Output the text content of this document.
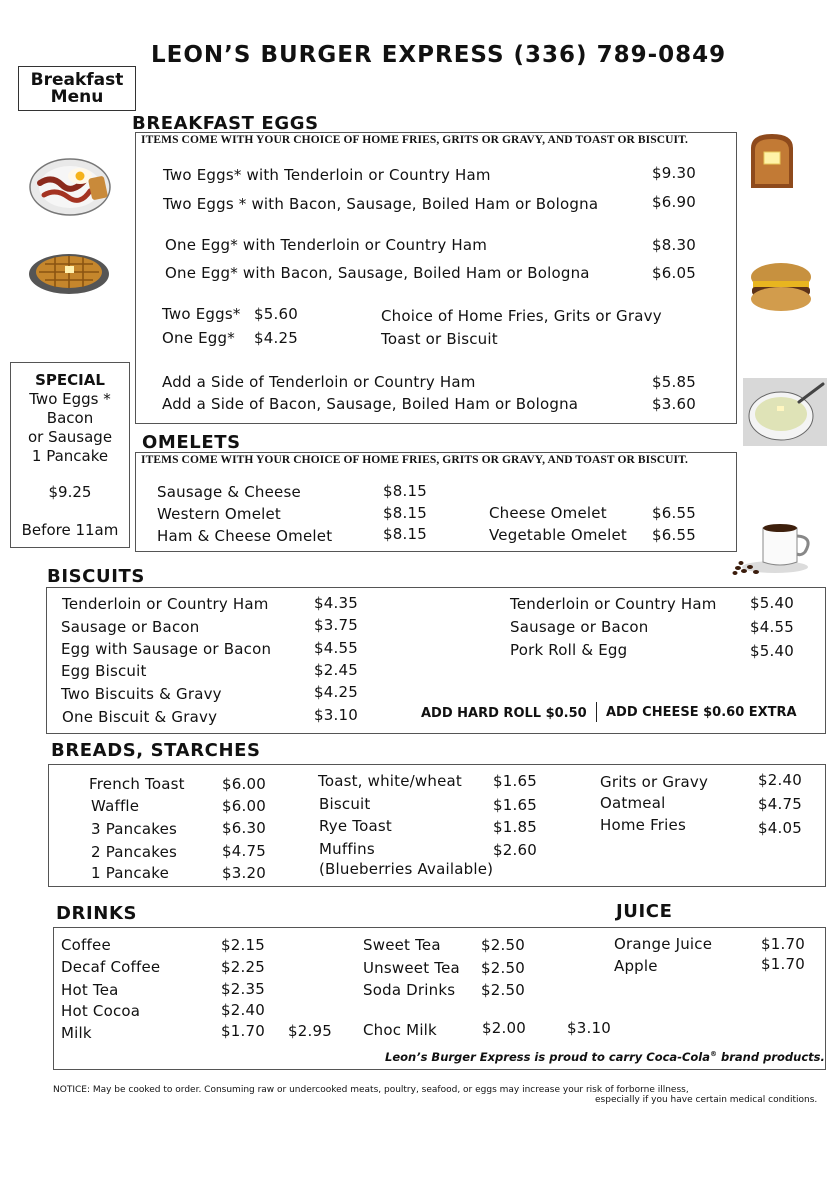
LEON’S BURGER EXPRESS (336) 789-0849
Breakfast
Menu
BREAKFAST EGGS
ITEMS COME WITH YOUR CHOICE OF HOME FRIES, GRITS OR GRAVY, AND TOAST OR BISCUIT.
Two Eggs* with Tenderloin or Country Ham	$9.30
Two Eggs * with Bacon, Sausage, Boiled Ham or Bologna	$6.90
One Egg* with Tenderloin or Country Ham	$8.30
One Egg* with Bacon, Sausage, Boiled Ham or Bologna	$6.05
Two Eggs* $5.60
One Egg* $4.25
Choice of Home Fries, Grits or Gravy
Toast or Biscuit
Add a Side of Tenderloin or Country Ham	$5.85
Add a Side of Bacon, Sausage, Boiled Ham or Bologna	$3.60
SPECIAL
Two Eggs *
Bacon
or Sausage
1 Pancake
$9.25
Before 11am
OMELETS
ITEMS COME WITH YOUR CHOICE OF HOME FRIES, GRITS OR GRAVY, AND TOAST OR BISCUIT.
Sausage & Cheese	$8.15
Western Omelet	$8.15
Ham & Cheese Omelet	$8.15
Cheese Omelet	$6.55
Vegetable Omelet $6.55
BISCUITS
Tenderloin or Country Ham	$4.35
Sausage or Bacon	$3.75
Egg with Sausage or Bacon	$4.55
Egg Biscuit	$2.45
Two Biscuits & Gravy	$4.25
One Biscuit & Gravy	$3.10
Tenderloin or Country Ham $5.40
Sausage or Bacon	$4.55
Pork Roll & Egg	$5.40
ADD HARD ROLL $0.50 ADD CHEESE $0.60 EXTRA
BREADS, STARCHES
French Toast $6.00
Waffle	$6.00
3 Pancakes	$6.30
2 Pancakes	$4.75
1 Pancake	$3.20
Toast, white/wheat $1.65
Biscuit	$1.65
Rye Toast	$1.85
Muffins	$2.60
(Blueberries Available)
Grits or Gravy	$2.40
Oatmeal	$4.75
Home Fries	$4.05
DRINKS	JUICE
Coffee	$2.15
Decaf Coffee	$2.25
Hot Tea	$2.35
Hot Cocoa	$2.40
Milk	$1.70 $2.95
Sweet Tea	$2.50
Unsweet Tea $2.50
Soda Drinks $2.50
Choc Milk	$2.00	$3.10
Orange Juice	$1.70
Apple	$1.70
Leon’s Burger Express is proud to carry Coca-Cola® brand products.
NOTICE: May be cooked to order. Consuming raw or undercooked meats, poultry, seafood, or eggs may increase your risk of forborne illness,
especially if you have certain medical conditions.
